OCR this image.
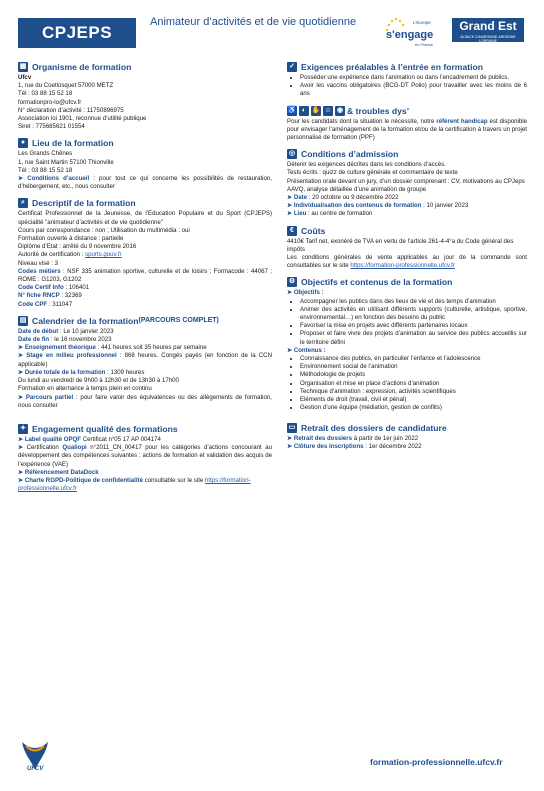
CPJEPS
Animateur d’activités et de vie quotidienne	L'Europe
s'engage
en France
Grand Est
ALSACE CHAMPAGNE-ARDENNE LORRAINE
▦ Organisme de formation

Ufcv

1, rue du Coetlosquet 57000 METZ

Tél : 03 88 15 52 18

formationpro-lo@ufcv.fr

N° déclaration d’activité : 11750896975

Association loi 1901, reconnue d’utilité publique

Siret : 775685621 01554

● Lieu de la formation

Les Grands Chênes

1, rue Saint Martin 57100 Thionville

Tél : 03 88 15 52 18

➤ Conditions d’accueil : pour tout ce qui concerne les possibilités de restauration, d’hébergement, etc., nous consulter

⌕ Descriptif de la formation

Certificat Professionnel de la Jeunesse, de l’Education Populaire et du Sport (CPJEPS) spécialité "animateur d’activités et de vie quotidienne"

Cours par correspondance : non ; Utilisation du multimédia : oui

Formation ouverte à distance : partielle

Diplôme d’Etat : arrêté du 9 novembre 2016

Autorité de certification : sports.gouv.fr

Niveau visé : 3

Codes métiers : NSF 335 animation sportive, culturelle et de loisirs ; Formacode : 44067 ; ROME : G1203, G1202

Code Certif Info : 106401

N° fiche RNCP : 32369

Code CPF : 311047

▤ Calendrier de la formation (PARCOURS COMPLET)

Date de début : Le 10 janvier 2023

Date de fin : le 16 novembre 2023

➤ Enseignement théorique : 441 heures soit 35 heures par semaine

➤ Stage en milieu professionnel : 868 heures. Congés payés (en fonction de la CCN applicable)

➤ Durée totale de la formation : 1309 heures

Du lundi au vendredi de 9h00 à 12h30 et de 13h30 à 17h00

Formation en alternance à temps plein en continu

➤ Parcours partiel : pour faire valoir des équivalences ou des allègements de formation, nous consulter

✦ Engagement qualité des formations

➤ Label qualité OPQF Certificat n°05 17 AP 004174

➤ Certification Qualiopi n°2011_CN_00417 pour les catégories d’actions concourant au développement des compétences suivantes : actions de formation et validation des acquis de l’expérience (VAE)

➤ Référencement DataDock

➤ Charte RGPD-Politique de confidentialité consultable sur le site https://formation-professionnelle.ufcv.fr

✓ Exigences préalables à l’entrée en formation
• Posséder une expérience dans l’animation ou dans l’encadrement de publics.
• Avoir les vaccins obligatoires (BCG-DT Polio) pour travailler avec les moins de 6 ans
♿ ◐ ✋ ☺ ◉ & troubles dys’

Pour les candidats dont la situation le nécessite, notre référent handicap est disponible pour envisager l’aménagement de la formation et/ou de la certification à travers un projet personnalisé de formation (PPF)

◎ Conditions d’admission

Détenir les exigences décrites dans les conditions d’accès.

Tests écrits : quizz de culture générale et commentaire de texte

Présentation orale devant un jury, d’un dossier comprenant : CV, motivations au CPJeps AAVQ, analyse détaillée d’une animation de groupe

➤ Date : 20 octobre ou 9 décembre 2022

➤ Individualisation des contenus de formation : 10 janvier 2023

➤ Lieu : au centre de formation

€ Coûts

4410€ Tarif net, exonéré de TVA en vertu de l’article 261-4-4°a du Code général des impôts

Les conditions générales de vente applicables au jour de la commande sont consultables sur le site https://formation-professionnelle.ufcv.fr

⚙ Objectifs et contenus de la formation

➤ Objectifs :

• Accompagner les publics dans des lieux de vie et des temps d’animation
• Animer des activités en utilisant différents supports (culturelle, artistique, sportive, environnemental…) en fonction des besoins du public
• Favoriser la mise en projets avec différents partenaires locaux
• Proposer et faire vivre des projets d’animation au service des publics accueillis sur le territoire défini

➤ Contenus :

• Connaissance des publics, en particulier l’enfance et l’adolescence
• Environnement social de l’animation
• Méthodologie de projets
• Organisation et mise en place d’actions d’animation
• Technique d’animation : expression, activités scientifiques
• Eléments de droit (travail, civil et pénal)
• Gestion d’une équipe (médiation, gestion de conflits)
▭ Retrait des dossiers de candidature

➤ Retrait des dossiers à partir de 1er juin 2022

➤ Clôture des inscriptions : 1er décembre 2022

UFCV
formation-professionnelle.ufcv.fr
